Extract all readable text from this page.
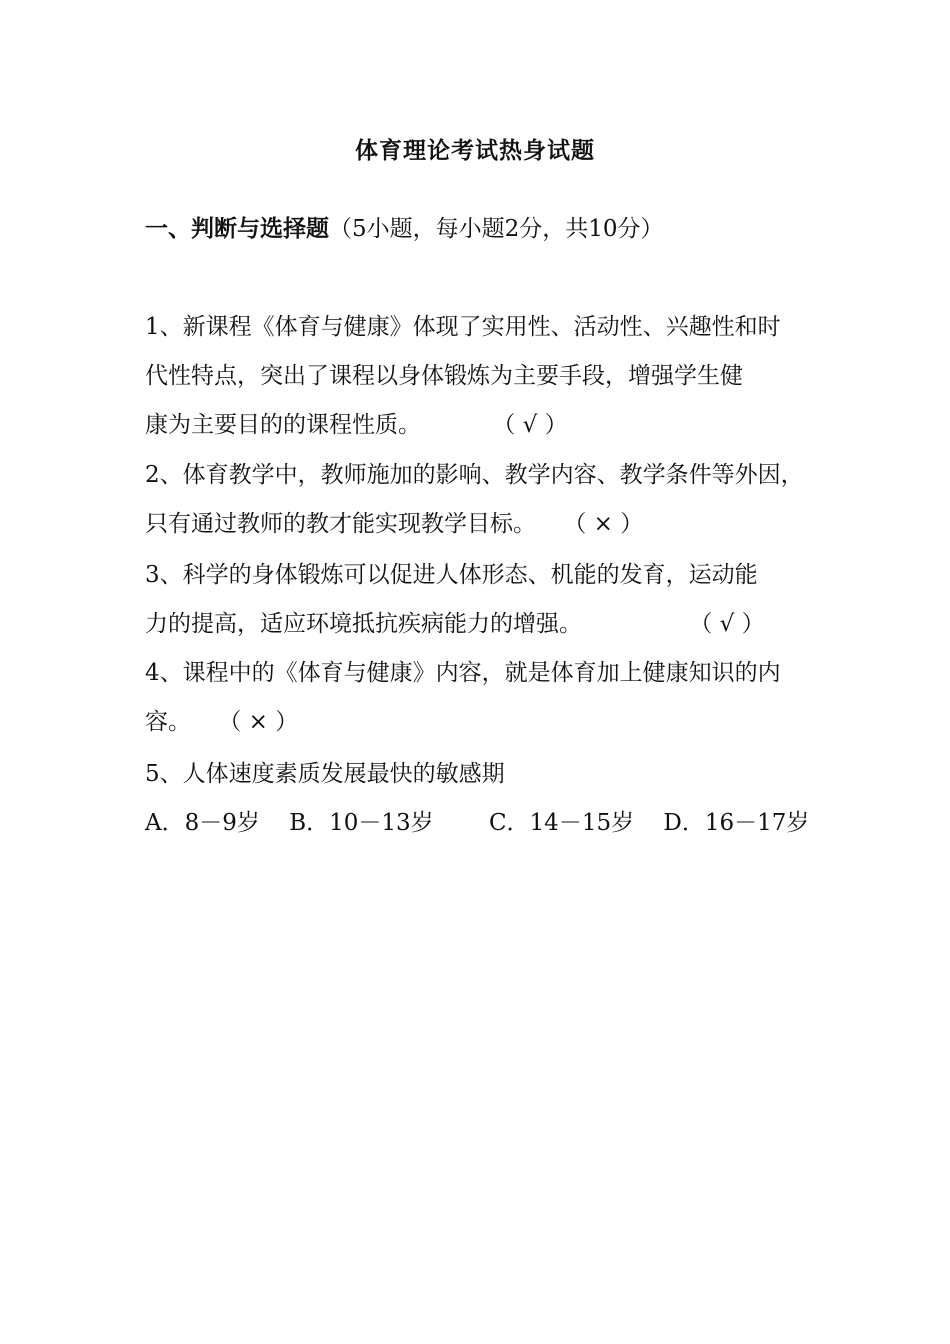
体育理论考试热身试题

一、判断与选择题（5小题，每小题2分，共10分）

1、新课程《体育与健康》体现了实用性、活动性、兴趣性和时

代性特点，突出了课程以身体锻炼为主要手段，增强学生健

康为主要目的的课程性质。	（ √ ）

2、体育教学中，教师施加的影响、教学内容、教学条件等外因，

只有通过教师的教才能实现教学目标。 （ × ）

3、科学的身体锻炼可以促进人体形态、机能的发育，运动能

力的提高，适应环境抵抗疾病能力的增强。	（ √ ）

4、课程中的《体育与健康》内容，就是体育加上健康知识的内

容。 （ × ）

5、人体速度素质发展最快的敏感期

A．8－9岁 B．10－13岁 C．14－15岁 D．16－17岁
